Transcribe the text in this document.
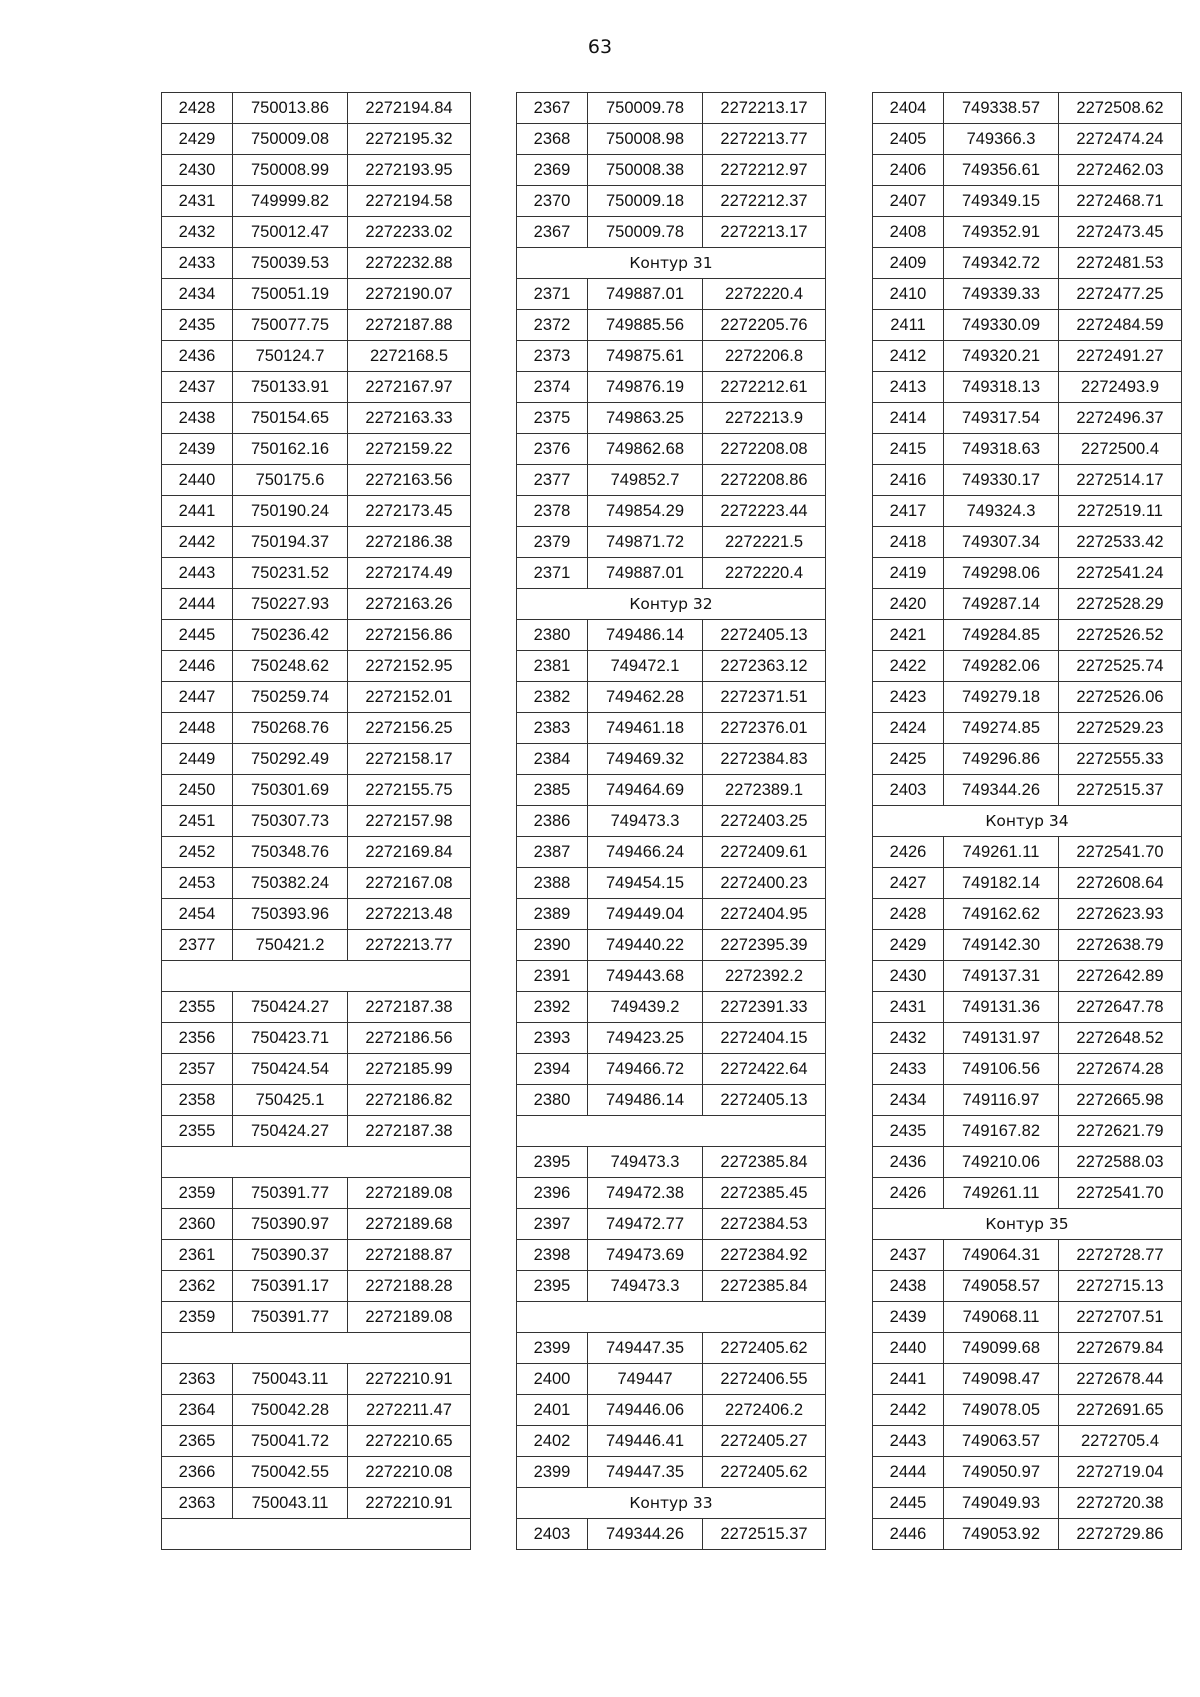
63
2428	750013.86	2272194.84
2429	750009.08	2272195.32
2430	750008.99	2272193.95
2431	749999.82	2272194.58
2432	750012.47	2272233.02
2433	750039.53	2272232.88
2434	750051.19	2272190.07
2435	750077.75	2272187.88
2436	750124.7	2272168.5
2437	750133.91	2272167.97
2438	750154.65	2272163.33
2439	750162.16	2272159.22
2440	750175.6	2272163.56
2441	750190.24	2272173.45
2442	750194.37	2272186.38
2443	750231.52	2272174.49
2444	750227.93	2272163.26
2445	750236.42	2272156.86
2446	750248.62	2272152.95
2447	750259.74	2272152.01
2448	750268.76	2272156.25
2449	750292.49	2272158.17
2450	750301.69	2272155.75
2451	750307.73	2272157.98
2452	750348.76	2272169.84
2453	750382.24	2272167.08
2454	750393.96	2272213.48
2377	750421.2	2272213.77

2355	750424.27	2272187.38
2356	750423.71	2272186.56
2357	750424.54	2272185.99
2358	750425.1	2272186.82
2355	750424.27	2272187.38

2359	750391.77	2272189.08
2360	750390.97	2272189.68
2361	750390.37	2272188.87
2362	750391.17	2272188.28
2359	750391.77	2272189.08

2363	750043.11	2272210.91
2364	750042.28	2272211.47
2365	750041.72	2272210.65
2366	750042.55	2272210.08
2363	750043.11	2272210.91

2367	750009.78	2272213.17
2368	750008.98	2272213.77
2369	750008.38	2272212.97
2370	750009.18	2272212.37
2367	750009.78	2272213.17
Контур 31		
2371	749887.01	2272220.4
2372	749885.56	2272205.76
2373	749875.61	2272206.8
2374	749876.19	2272212.61
2375	749863.25	2272213.9
2376	749862.68	2272208.08
2377	749852.7	2272208.86
2378	749854.29	2272223.44
2379	749871.72	2272221.5
2371	749887.01	2272220.4
Контур 32		
2380	749486.14	2272405.13
2381	749472.1	2272363.12
2382	749462.28	2272371.51
2383	749461.18	2272376.01
2384	749469.32	2272384.83
2385	749464.69	2272389.1
2386	749473.3	2272403.25
2387	749466.24	2272409.61
2388	749454.15	2272400.23
2389	749449.04	2272404.95
2390	749440.22	2272395.39
2391	749443.68	2272392.2
2392	749439.2	2272391.33
2393	749423.25	2272404.15
2394	749466.72	2272422.64
2380	749486.14	2272405.13

2395	749473.3	2272385.84
2396	749472.38	2272385.45
2397	749472.77	2272384.53
2398	749473.69	2272384.92
2395	749473.3	2272385.84

2399	749447.35	2272405.62
2400	749447	2272406.55
2401	749446.06	2272406.2
2402	749446.41	2272405.27
2399	749447.35	2272405.62
Контур 33		
2403	749344.26	2272515.37
2404	749338.57	2272508.62
2405	749366.3	2272474.24
2406	749356.61	2272462.03
2407	749349.15	2272468.71
2408	749352.91	2272473.45
2409	749342.72	2272481.53
2410	749339.33	2272477.25
2411	749330.09	2272484.59
2412	749320.21	2272491.27
2413	749318.13	2272493.9
2414	749317.54	2272496.37
2415	749318.63	2272500.4
2416	749330.17	2272514.17
2417	749324.3	2272519.11
2418	749307.34	2272533.42
2419	749298.06	2272541.24
2420	749287.14	2272528.29
2421	749284.85	2272526.52
2422	749282.06	2272525.74
2423	749279.18	2272526.06
2424	749274.85	2272529.23
2425	749296.86	2272555.33
2403	749344.26	2272515.37
Контур 34		
2426	749261.11	2272541.70
2427	749182.14	2272608.64
2428	749162.62	2272623.93
2429	749142.30	2272638.79
2430	749137.31	2272642.89
2431	749131.36	2272647.78
2432	749131.97	2272648.52
2433	749106.56	2272674.28
2434	749116.97	2272665.98
2435	749167.82	2272621.79
2436	749210.06	2272588.03
2426	749261.11	2272541.70
Контур 35		
2437	749064.31	2272728.77
2438	749058.57	2272715.13
2439	749068.11	2272707.51
2440	749099.68	2272679.84
2441	749098.47	2272678.44
2442	749078.05	2272691.65
2443	749063.57	2272705.4
2444	749050.97	2272719.04
2445	749049.93	2272720.38
2446	749053.92	2272729.86
